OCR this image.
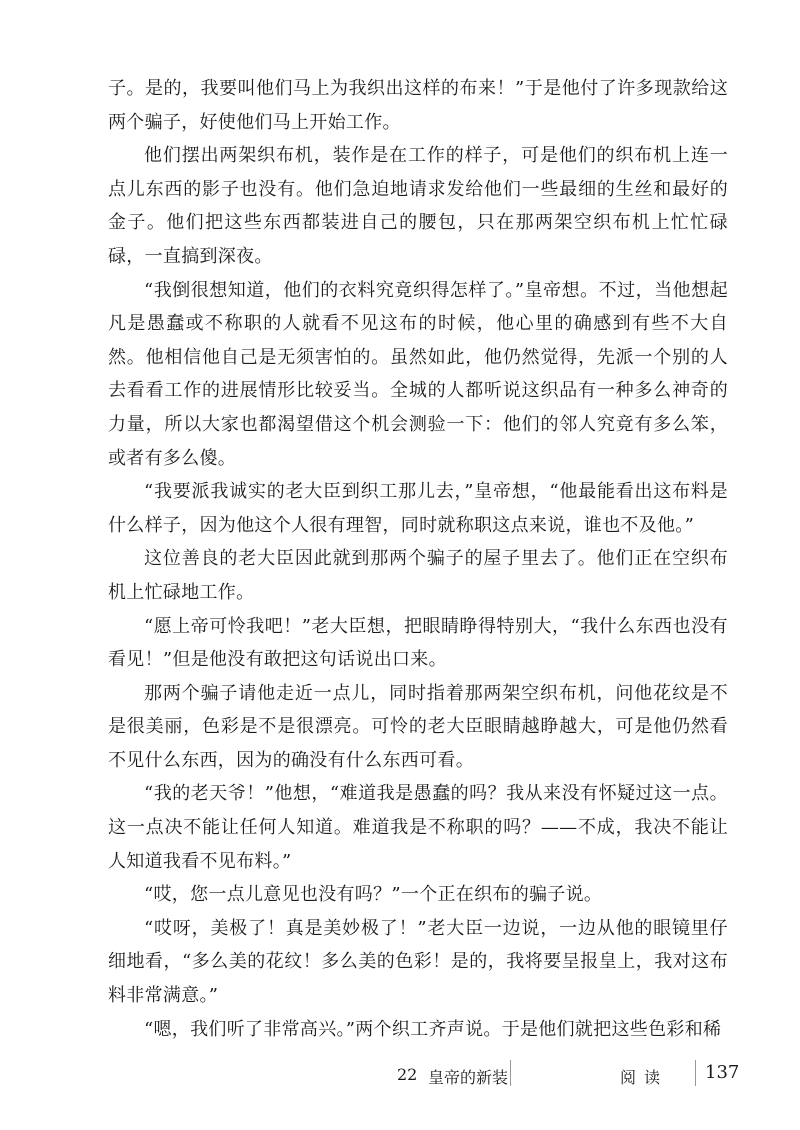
子。是的，我要叫他们马上为我织出这样的布来！”于是他付了许多现款给这两个骗子，好使他们马上开始工作。

他们摆出两架织布机，装作是在工作的样子，可是他们的织布机上连一点儿东西的影子也没有。他们急迫地请求发给他们一些最细的生丝和最好的金子。他们把这些东西都装进自己的腰包，只在那两架空织布机上忙忙碌碌，一直搞到深夜。

“我倒很想知道，他们的衣料究竟织得怎样了。”皇帝想。不过，当他想起凡是愚蠢或不称职的人就看不见这布的时候，他心里的确感到有些不大自然。他相信他自己是无须害怕的。虽然如此，他仍然觉得，先派一个别的人去看看工作的进展情形比较妥当。全城的人都听说这织品有一种多么神奇的力量，所以大家也都渴望借这个机会测验一下：他们的邻人究竟有多么笨，或者有多么傻。

“我要派我诚实的老大臣到织工那儿去，”皇帝想，“他最能看出这布料是什么样子，因为他这个人很有理智，同时就称职这点来说，谁也不及他。”

这位善良的老大臣因此就到那两个骗子的屋子里去了。他们正在空织布机上忙碌地工作。

“愿上帝可怜我吧！”老大臣想，把眼睛睁得特别大，“我什么东西也没有看见！”但是他没有敢把这句话说出口来。

那两个骗子请他走近一点儿，同时指着那两架空织布机，问他花纹是不是很美丽，色彩是不是很漂亮。可怜的老大臣眼睛越睁越大，可是他仍然看不见什么东西，因为的确没有什么东西可看。

“我的老天爷！”他想，“难道我是愚蠢的吗？我从来没有怀疑过这一点。这一点决不能让任何人知道。难道我是不称职的吗？——不成，我决不能让人知道我看不见布料。”

“哎，您一点儿意见也没有吗？”一个正在织布的骗子说。

“哎呀，美极了！真是美妙极了！”老大臣一边说，一边从他的眼镜里仔细地看，“多么美的花纹！多么美的色彩！是的，我将要呈报皇上，我对这布料非常满意。”

“嗯，我们听了非常高兴。”两个织工齐声说。于是他们就把这些色彩和稀

22 皇帝的新装	阅读 137
